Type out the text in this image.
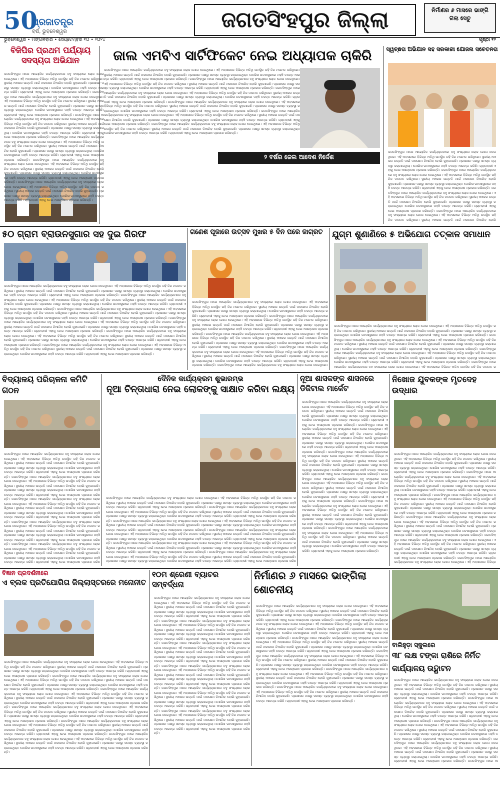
50
ପ୍ରଜାତନ୍ତ୍ର
ବର୍ଷ, ଭୁବନେଶ୍ୱର	ଜଗତସିଂହପୁର ଜିଲ୍ଲା	ନିର୍ମାଣର ୬ ମାସରେ ଭାଙ୍ଗି ଗଲା ସେତୁ
ଭୁବନେଶ୍ୱର • ମଙ୍ଗଳବାର • ସେପ୍ଟେମ୍ବର ୧୦ • ୨୦୨୪	ପୃଷ୍ଠା ୧୨
ବିଜିପିର ପ୍ରଥମ ପର୍ଯ୍ୟାୟ ସଦସ୍ୟତା ଅଭିଯାନ
ଜଗତସିଂହପୁର ଠାରେ ଆୟୋଜିତ କାର୍ଯ୍ୟକ୍ରମରେ ବହୁ ସଂଖ୍ୟାରେ ଲୋକ ଯୋଗ ଦେଇଥିଲେ। ଏହି ଅବସରରେ ବିଭିନ୍ନ ଅତିଥି ଉପସ୍ଥିତ ରହି ନିଜ ମତାମତ ରଖିଥିଲେ। ସ୍ଥାନୀୟ ଅଞ୍ଚଳର ଉନ୍ନତି ପାଇଁ ପଦକ୍ଷେପ ନିଆଯିବ ବୋଲି କୁହାଯାଇଛି। ପ୍ରଶାସନ ପକ୍ଷରୁ ସମସ୍ତ ବ୍ୟବସ୍ଥା କରାଯାଇଥିଲା। ପୋଲିସ ଘଟଣାସ୍ଥଳରେ ପହଞ୍ଚି ତଦନ୍ତ ଆରମ୍ଭ କରିଛି। ଗ୍ରାମବାସୀ ଏହାକୁ ନେଇ ଅସନ୍ତୋଷ ପ୍ରକାଶ କରିଛନ୍ତି। ଜଗତସିଂହପୁର ଠାରେ ଆୟୋଜିତ କାର୍ଯ୍ୟକ୍ରମରେ ବହୁ ସଂଖ୍ୟାରେ ଲୋକ ଯୋଗ ଦେଇଥିଲେ। ଏହି ଅବସରରେ ବିଭିନ୍ନ ଅତିଥି ଉପସ୍ଥିତ ରହି ନିଜ ମତାମତ ରଖିଥିଲେ। ସ୍ଥାନୀୟ ଅଞ୍ଚଳର ଉନ୍ନତି ପାଇଁ ପଦକ୍ଷେପ ନିଆଯିବ ବୋଲି କୁହାଯାଇଛି। ପ୍ରଶାସନ ପକ୍ଷରୁ ସମସ୍ତ ବ୍ୟବସ୍ଥା କରାଯାଇଥିଲା। ପୋଲିସ ଘଟଣାସ୍ଥଳରେ ପହଞ୍ଚି ତଦନ୍ତ ଆରମ୍ଭ କରିଛି। ଗ୍ରାମବାସୀ ଏହାକୁ ନେଇ ଅସନ୍ତୋଷ ପ୍ରକାଶ କରିଛନ୍ତି। ଜଗତସିଂହପୁର ଠାରେ ଆୟୋଜିତ କାର୍ଯ୍ୟକ୍ରମରେ ବହୁ ସଂଖ୍ୟାରେ ଲୋକ ଯୋଗ ଦେଇଥିଲେ। ଏହି ଅବସରରେ ବିଭିନ୍ନ ଅତିଥି ଉପସ୍ଥିତ ରହି ନିଜ ମତାମତ ରଖିଥିଲେ। ସ୍ଥାନୀୟ ଅଞ୍ଚଳର ଉନ୍ନତି ପାଇଁ ପଦକ୍ଷେପ ନିଆଯିବ ବୋଲି କୁହାଯାଇଛି। ପ୍ରଶାସନ ପକ୍ଷରୁ ସମସ୍ତ ବ୍ୟବସ୍ଥା କରାଯାଇଥିଲା। ପୋଲିସ ଘଟଣାସ୍ଥଳରେ ପହଞ୍ଚି ତଦନ୍ତ ଆରମ୍ଭ କରିଛି। ଗ୍ରାମବାସୀ ଏହାକୁ ନେଇ ଅସନ୍ତୋଷ ପ୍ରକାଶ କରିଛନ୍ତି। ଜଗତସିଂହପୁର ଠାରେ ଆୟୋଜିତ କାର୍ଯ୍ୟକ୍ରମରେ ବହୁ ସଂଖ୍ୟାରେ ଲୋକ ଯୋଗ ଦେଇଥିଲେ। ଏହି ଅବସରରେ ବିଭିନ୍ନ ଅତିଥି ଉପସ୍ଥିତ ରହି ନିଜ ମତାମତ ରଖିଥିଲେ। ସ୍ଥାନୀୟ ଅଞ୍ଚଳର ଉନ୍ନତି ପାଇଁ ପଦକ୍ଷେପ ନିଆଯିବ ବୋଲି କୁହାଯାଇଛି। ପ୍ରଶାସନ ପକ୍ଷରୁ ସମସ୍ତ ବ୍ୟବସ୍ଥା କରାଯାଇଥିଲା। ପୋଲିସ ଘଟଣାସ୍ଥଳରେ ପହଞ୍ଚି ତଦନ୍ତ ଆରମ୍ଭ କରିଛି। ଗ୍ରାମବାସୀ ଏହାକୁ ନେଇ ଅସନ୍ତୋଷ ପ୍ରକାଶ କରିଛନ୍ତି। ଜଗତସିଂହପୁର ଠାରେ ଆୟୋଜିତ କାର୍ଯ୍ୟକ୍ରମରେ ବହୁ ସଂଖ୍ୟାରେ ଲୋକ ଯୋଗ ଦେଇଥିଲେ। ଏହି ଅବସରରେ ବିଭିନ୍ନ ଅତିଥି ଉପସ୍ଥିତ ରହି ନିଜ ମତାମତ ରଖିଥିଲେ। ସ୍ଥାନୀୟ ଅଞ୍ଚଳର ଉନ୍ନତି ପାଇଁ ପଦକ୍ଷେପ ନିଆଯିବ ବୋଲି କୁହାଯାଇଛି। ପ୍ରଶାସନ ପକ୍ଷରୁ ସମସ୍ତ ବ୍ୟବସ୍ଥା କରାଯାଇଥିଲା। ପୋଲିସ ଘଟଣାସ୍ଥଳରେ ପହଞ୍ଚି ତଦନ୍ତ ଆରମ୍ଭ କରିଛି। ଗ୍ରାମବାସୀ ଏହାକୁ ନେଇ ଅସନ୍ତୋଷ ପ୍ରକାଶ କରିଛନ୍ତି। ଜଗତସିଂହପୁର ଠାରେ ଆୟୋଜିତ କାର୍ଯ୍ୟକ୍ରମରେ ବହୁ ସଂଖ୍ୟାରେ ଲୋକ ଯୋଗ ଦେଇଥିଲେ। ଏହି ଅବସରରେ ବିଭିନ୍ନ ଅତିଥି ଉପସ୍ଥିତ ରହି ନିଜ ମତାମତ ରଖିଥିଲେ। ସ୍ଥାନୀୟ ଅଞ୍ଚଳର ଉନ୍ନତି ପାଇଁ ପଦକ୍ଷେପ ନିଆଯିବ ବୋଲି କୁହାଯାଇଛି। ପ୍ରଶାସନ ପକ୍ଷରୁ ସମସ୍ତ ବ୍ୟବସ୍ଥା କରାଯାଇଥିଲା। ପୋଲିସ ଘଟଣାସ୍ଥଳରେ ପହଞ୍ଚି ତଦନ୍ତ ଆରମ୍ଭ କରିଛି। ଗ୍ରାମବାସୀ ଏହାକୁ ନେଇ ଅସନ୍ତୋଷ ପ୍ରକାଶ କରିଛନ୍ତି।
ଜାଲ ଏମବିଏ ସାର୍ଟିଫିକେଟ ନେଇ ଅଧ୍ୟାପକ ଚାକିରି
୨ ବର୍ଷର ଜେଲ ଆଦେଶ ନିର୍ଦ୍ଦେଶ
ଜଗତସିଂହପୁର ଠାରେ ଆୟୋଜିତ କାର୍ଯ୍ୟକ୍ରମରେ ବହୁ ସଂଖ୍ୟାରେ ଲୋକ ଯୋଗ ଦେଇଥିଲେ। ଏହି ଅବସରରେ ବିଭିନ୍ନ ଅତିଥି ଉପସ୍ଥିତ ରହି ନିଜ ମତାମତ ରଖିଥିଲେ। ସ୍ଥାନୀୟ ଅଞ୍ଚଳର ଉନ୍ନତି ପାଇଁ ପଦକ୍ଷେପ ନିଆଯିବ ବୋଲି କୁହାଯାଇଛି। ପ୍ରଶାସନ ପକ୍ଷରୁ ସମସ୍ତ ବ୍ୟବସ୍ଥା କରାଯାଇଥିଲା। ପୋଲିସ ଘଟଣାସ୍ଥଳରେ ପହଞ୍ଚି ତଦନ୍ତ ଆରମ୍ଭ କରିଛି। ଗ୍ରାମବାସୀ ଏହାକୁ ନେଇ ଅସନ୍ତୋଷ ପ୍ରକାଶ କରିଛନ୍ତି। ଜଗତସିଂହପୁର ଠାରେ ଆୟୋଜିତ କାର୍ଯ୍ୟକ୍ରମରେ ବହୁ ସଂଖ୍ୟାରେ ଲୋକ ଯୋଗ ଦେଇଥିଲେ। ଏହି ଅବସରରେ ବିଭିନ୍ନ ଅତିଥି ଉପସ୍ଥିତ ରହି ନିଜ ମତାମତ ରଖିଥିଲେ। ସ୍ଥାନୀୟ ଅଞ୍ଚଳର ଉନ୍ନତି ପାଇଁ ପଦକ୍ଷେପ ନିଆଯିବ ବୋଲି କୁହାଯାଇଛି। ପ୍ରଶାସନ ପକ୍ଷରୁ ସମସ୍ତ ବ୍ୟବସ୍ଥା କରାଯାଇଥିଲା। ପୋଲିସ ଘଟଣାସ୍ଥଳରେ ପହଞ୍ଚି ତଦନ୍ତ ଆରମ୍ଭ କରିଛି। ଗ୍ରାମବାସୀ ଏହାକୁ ନେଇ ଅସନ୍ତୋଷ ପ୍ରକାଶ କରିଛନ୍ତି। ଜଗତସିଂହପୁର ଠାରେ ଆୟୋଜିତ କାର୍ଯ୍ୟକ୍ରମରେ ବହୁ ସଂଖ୍ୟାରେ ଲୋକ ଯୋଗ ଦେଇଥିଲେ। ଏହି ଅବସରରେ ବିଭିନ୍ନ ଅତିଥି ଉପସ୍ଥିତ ରହି ନିଜ ମତାମତ ରଖିଥିଲେ। ସ୍ଥାନୀୟ ଅଞ୍ଚଳର ଉନ୍ନତି ପାଇଁ ପଦକ୍ଷେପ ନିଆଯିବ ବୋଲି କୁହାଯାଇଛି। ପ୍ରଶାସନ ପକ୍ଷରୁ ସମସ୍ତ ବ୍ୟବସ୍ଥା କରାଯାଇଥିଲା। ପୋଲିସ ଘଟଣାସ୍ଥଳରେ ପହଞ୍ଚି ତଦନ୍ତ ଆରମ୍ଭ କରିଛି। ଗ୍ରାମବାସୀ ଏହାକୁ ନେଇ ଅସନ୍ତୋଷ ପ୍ରକାଶ କରିଛନ୍ତି। ଜଗତସିଂହପୁର ଠାରେ ଆୟୋଜିତ କାର୍ଯ୍ୟକ୍ରମରେ ବହୁ ସଂଖ୍ୟାରେ ଲୋକ ଯୋଗ ଦେଇଥିଲେ। ଏହି ଅବସରରେ ବିଭିନ୍ନ ଅତିଥି ଉପସ୍ଥିତ ରହି ନିଜ ମତାମତ ରଖିଥିଲେ। ସ୍ଥାନୀୟ ଅଞ୍ଚଳର ଉନ୍ନତି ପାଇଁ ପଦକ୍ଷେପ ନିଆଯିବ ବୋଲି କୁହାଯାଇଛି। ପ୍ରଶାସନ ପକ୍ଷରୁ ସମସ୍ତ ବ୍ୟବସ୍ଥା କରାଯାଇଥିଲା। ପୋଲିସ ଘଟଣାସ୍ଥଳରେ ପହଞ୍ଚି ତଦନ୍ତ ଆରମ୍ଭ କରିଛି। ଗ୍ରାମବାସୀ ଏହାକୁ ନେଇ ଅସନ୍ତୋଷ ପ୍ରକାଶ କରିଛନ୍ତି। ଜଗତସିଂହପୁର ଠାରେ ଆୟୋଜିତ କାର୍ଯ୍ୟକ୍ରମରେ ବହୁ ସଂଖ୍ୟାରେ ଲୋକ ଯୋଗ ଦେଇଥିଲେ। ଏହି ଅବସରରେ ବିଭିନ୍ନ ଅତିଥି ଉପସ୍ଥିତ ରହି ନିଜ ମତାମତ ରଖିଥିଲେ। ସ୍ଥାନୀୟ ଅଞ୍ଚଳର ଉନ୍ନତି ପାଇଁ ପଦକ୍ଷେପ ନିଆଯିବ ବୋଲି କୁହାଯାଇଛି। ପ୍ରଶାସନ ପକ୍ଷରୁ ସମସ୍ତ ବ୍ୟବସ୍ଥା କରାଯାଇଥିଲା। ପୋଲିସ ଘଟଣାସ୍ଥଳରେ ପହଞ୍ଚି ତଦନ୍ତ ଆରମ୍ଭ କରିଛି। ଗ୍ରାମବାସୀ ଏହାକୁ ନେଇ ଅସନ୍ତୋଷ ପ୍ରକାଶ କରିଛନ୍ତି। ଜଗତସିଂହପୁର ଠାରେ ଆୟୋଜିତ କାର୍ଯ୍ୟକ୍ରମରେ ବହୁ ସଂଖ୍ୟାରେ ଲୋକ ଯୋଗ ଦେଇଥିଲେ। ଏହି ଅବସରରେ ବିଭିନ୍ନ ଅତିଥି ଉପସ୍ଥିତ ରହି ନିଜ ମତାମତ ରଖିଥିଲେ। ସ୍ଥାନୀୟ ଅଞ୍ଚଳର ଉନ୍ନତି ପାଇଁ ପଦକ୍ଷେପ ନିଆଯିବ ବୋଲି କୁହାଯାଇଛି। ପ୍ରଶାସନ ପକ୍ଷରୁ ସମସ୍ତ ବ୍ୟବସ୍ଥା କରାଯାଇଥିଲା। ପୋଲିସ ଘଟଣାସ୍ଥଳରେ ପହଞ୍ଚି ତଦନ୍ତ ଆରମ୍ଭ କରିଛି। ଗ୍ରାମବାସୀ ଏହାକୁ ନେଇ ଅସନ୍ତୋଷ ପ୍ରକାଶ କରିଛନ୍ତି।
ସ୍ୱଚ୍ଛତା ଅଭିଯାନ ସହ ସରକାରୀ ଯୋଜନା ସଚେତନତା
ଜଗତସିଂହପୁର ଠାରେ ଆୟୋଜିତ କାର୍ଯ୍ୟକ୍ରମରେ ବହୁ ସଂଖ୍ୟାରେ ଲୋକ ଯୋଗ ଦେଇଥିଲେ। ଏହି ଅବସରରେ ବିଭିନ୍ନ ଅତିଥି ଉପସ୍ଥିତ ରହି ନିଜ ମତାମତ ରଖିଥିଲେ। ସ୍ଥାନୀୟ ଅଞ୍ଚଳର ଉନ୍ନତି ପାଇଁ ପଦକ୍ଷେପ ନିଆଯିବ ବୋଲି କୁହାଯାଇଛି। ପ୍ରଶାସନ ପକ୍ଷରୁ ସମସ୍ତ ବ୍ୟବସ୍ଥା କରାଯାଇଥିଲା। ପୋଲିସ ଘଟଣାସ୍ଥଳରେ ପହଞ୍ଚି ତଦନ୍ତ ଆରମ୍ଭ କରିଛି। ଗ୍ରାମବାସୀ ଏହାକୁ ନେଇ ଅସନ୍ତୋଷ ପ୍ରକାଶ କରିଛନ୍ତି। ଜଗତସିଂହପୁର ଠାରେ ଆୟୋଜିତ କାର୍ଯ୍ୟକ୍ରମରେ ବହୁ ସଂଖ୍ୟାରେ ଲୋକ ଯୋଗ ଦେଇଥିଲେ। ଏହି ଅବସରରେ ବିଭିନ୍ନ ଅତିଥି ଉପସ୍ଥିତ ରହି ନିଜ ମତାମତ ରଖିଥିଲେ। ସ୍ଥାନୀୟ ଅଞ୍ଚଳର ଉନ୍ନତି ପାଇଁ ପଦକ୍ଷେପ ନିଆଯିବ ବୋଲି କୁହାଯାଇଛି। ପ୍ରଶାସନ ପକ୍ଷରୁ ସମସ୍ତ ବ୍ୟବସ୍ଥା କରାଯାଇଥିଲା। ପୋଲିସ ଘଟଣାସ୍ଥଳରେ ପହଞ୍ଚି ତଦନ୍ତ ଆରମ୍ଭ କରିଛି। ଗ୍ରାମବାସୀ ଏହାକୁ ନେଇ ଅସନ୍ତୋଷ ପ୍ରକାଶ କରିଛନ୍ତି। ଜଗତସିଂହପୁର ଠାରେ ଆୟୋଜିତ କାର୍ଯ୍ୟକ୍ରମରେ ବହୁ ସଂଖ୍ୟାରେ ଲୋକ ଯୋଗ ଦେଇଥିଲେ। ଏହି ଅବସରରେ ବିଭିନ୍ନ ଅତିଥି ଉପସ୍ଥିତ ରହି ନିଜ ମତାମତ ରଖିଥିଲେ। ସ୍ଥାନୀୟ ଅଞ୍ଚଳର ଉନ୍ନତି ପାଇଁ ପଦକ୍ଷେପ ନିଆଯିବ ବୋଲି କୁହାଯାଇଛି। ପ୍ରଶାସନ ପକ୍ଷରୁ ସମସ୍ତ ବ୍ୟବସ୍ଥା କରାଯାଇଥିଲା। ପୋଲିସ ଘଟଣାସ୍ଥଳରେ ପହଞ୍ଚି ତଦନ୍ତ ଆରମ୍ଭ କରିଛି। ଗ୍ରାମବାସୀ ଏହାକୁ ନେଇ ଅସନ୍ତୋଷ ପ୍ରକାଶ କରିଛନ୍ତି। ଜଗତସିଂହପୁର ଠାରେ ଆୟୋଜିତ କାର୍ଯ୍ୟକ୍ରମରେ ବହୁ ସଂଖ୍ୟାରେ ଲୋକ ଯୋଗ ଦେଇଥିଲେ। ଏହି ଅବସରରେ ବିଭିନ୍ନ ଅତିଥି ଉପସ୍ଥିତ ରହି ନିଜ ମତାମତ ରଖିଥିଲେ। ସ୍ଥାନୀୟ ଅଞ୍ଚଳର ଉନ୍ନତି ପାଇଁ ପଦକ୍ଷେପ ନିଆଯିବ ବୋଲି
୫୦ ଗ୍ରାମ ବ୍ରାଉନସୁଗାର ସହ ଦୁଇ ଗିରଫ
ଜଗତସିଂହପୁର ଠାରେ ଆୟୋଜିତ କାର୍ଯ୍ୟକ୍ରମରେ ବହୁ ସଂଖ୍ୟାରେ ଲୋକ ଯୋଗ ଦେଇଥିଲେ। ଏହି ଅବସରରେ ବିଭିନ୍ନ ଅତିଥି ଉପସ୍ଥିତ ରହି ନିଜ ମତାମତ ରଖିଥିଲେ। ସ୍ଥାନୀୟ ଅଞ୍ଚଳର ଉନ୍ନତି ପାଇଁ ପଦକ୍ଷେପ ନିଆଯିବ ବୋଲି କୁହାଯାଇଛି। ପ୍ରଶାସନ ପକ୍ଷରୁ ସମସ୍ତ ବ୍ୟବସ୍ଥା କରାଯାଇଥିଲା। ପୋଲିସ ଘଟଣାସ୍ଥଳରେ ପହଞ୍ଚି ତଦନ୍ତ ଆରମ୍ଭ କରିଛି। ଗ୍ରାମବାସୀ ଏହାକୁ ନେଇ ଅସନ୍ତୋଷ ପ୍ରକାଶ କରିଛନ୍ତି। ଜଗତସିଂହପୁର ଠାରେ ଆୟୋଜିତ କାର୍ଯ୍ୟକ୍ରମରେ ବହୁ ସଂଖ୍ୟାରେ ଲୋକ ଯୋଗ ଦେଇଥିଲେ। ଏହି ଅବସରରେ ବିଭିନ୍ନ ଅତିଥି ଉପସ୍ଥିତ ରହି ନିଜ ମତାମତ ରଖିଥିଲେ। ସ୍ଥାନୀୟ ଅଞ୍ଚଳର ଉନ୍ନତି ପାଇଁ ପଦକ୍ଷେପ ନିଆଯିବ ବୋଲି କୁହାଯାଇଛି। ପ୍ରଶାସନ ପକ୍ଷରୁ ସମସ୍ତ ବ୍ୟବସ୍ଥା କରାଯାଇଥିଲା। ପୋଲିସ ଘଟଣାସ୍ଥଳରେ ପହଞ୍ଚି ତଦନ୍ତ ଆରମ୍ଭ କରିଛି। ଗ୍ରାମବାସୀ ଏହାକୁ ନେଇ ଅସନ୍ତୋଷ ପ୍ରକାଶ କରିଛନ୍ତି। ଜଗତସିଂହପୁର ଠାରେ ଆୟୋଜିତ କାର୍ଯ୍ୟକ୍ରମରେ ବହୁ ସଂଖ୍ୟାରେ ଲୋକ ଯୋଗ ଦେଇଥିଲେ। ଏହି ଅବସରରେ ବିଭିନ୍ନ ଅତିଥି ଉପସ୍ଥିତ ରହି ନିଜ ମତାମତ ରଖିଥିଲେ। ସ୍ଥାନୀୟ ଅଞ୍ଚଳର ଉନ୍ନତି ପାଇଁ ପଦକ୍ଷେପ ନିଆଯିବ ବୋଲି କୁହାଯାଇଛି। ପ୍ରଶାସନ ପକ୍ଷରୁ ସମସ୍ତ ବ୍ୟବସ୍ଥା କରାଯାଇଥିଲା। ପୋଲିସ ଘଟଣାସ୍ଥଳରେ ପହଞ୍ଚି ତଦନ୍ତ ଆରମ୍ଭ କରିଛି। ଗ୍ରାମବାସୀ ଏହାକୁ ନେଇ ଅସନ୍ତୋଷ ପ୍ରକାଶ କରିଛନ୍ତି। ଜଗତସିଂହପୁର ଠାରେ ଆୟୋଜିତ କାର୍ଯ୍ୟକ୍ରମରେ ବହୁ ସଂଖ୍ୟାରେ ଲୋକ ଯୋଗ ଦେଇଥିଲେ। ଏହି ଅବସରରେ ବିଭିନ୍ନ ଅତିଥି ଉପସ୍ଥିତ ରହି ନିଜ ମତାମତ ରଖିଥିଲେ। ସ୍ଥାନୀୟ ଅଞ୍ଚଳର ଉନ୍ନତି ପାଇଁ ପଦକ୍ଷେପ ନିଆଯିବ ବୋଲି କୁହାଯାଇଛି। ପ୍ରଶାସନ ପକ୍ଷରୁ ସମସ୍ତ ବ୍ୟବସ୍ଥା କରାଯାଇଥିଲା। ପୋଲିସ ଘଟଣାସ୍ଥଳରେ ପହଞ୍ଚି ତଦନ୍ତ ଆରମ୍ଭ କରିଛି। ଗ୍ରାମବାସୀ ଏହାକୁ ନେଇ ଅସନ୍ତୋଷ ପ୍ରକାଶ କରିଛନ୍ତି। ଜଗତସିଂହପୁର ଠାରେ ଆୟୋଜିତ କାର୍ଯ୍ୟକ୍ରମରେ ବହୁ ସଂଖ୍ୟାରେ ଲୋକ ଯୋଗ ଦେଇଥିଲେ। ଏହି ଅବସରରେ ବିଭିନ୍ନ ଅତିଥି ଉପସ୍ଥିତ ରହି ନିଜ ମତାମତ ରଖିଥିଲେ। ସ୍ଥାନୀୟ ଅଞ୍ଚଳର ଉନ୍ନତି ପାଇଁ ପଦକ୍ଷେପ ନିଆଯିବ ବୋଲି କୁହାଯାଇଛି। ପ୍ରଶାସନ ପକ୍ଷରୁ ସମସ୍ତ ବ୍ୟବସ୍ଥା କରାଯାଇଥିଲା। ପୋଲିସ ଘଟଣାସ୍ଥଳରେ ପହଞ୍ଚି ତଦନ୍ତ ଆରମ୍ଭ କରିଛି। ଗ୍ରାମବାସୀ ଏହାକୁ ନେଇ ଅସନ୍ତୋଷ ପ୍ରକାଶ କରିଛନ୍ତି। ଜଗତସିଂହପୁର ଠାରେ ଆୟୋଜିତ କାର୍ଯ୍ୟକ୍ରମରେ ବହୁ ସଂଖ୍ୟାରେ ଲୋକ ଯୋଗ ଦେଇଥିଲେ। ଏହି ଅବସରରେ ବିଭିନ୍ନ ଅତିଥି ଉପସ୍ଥିତ ରହି ନିଜ ମତାମତ ରଖିଥିଲେ। ସ୍ଥାନୀୟ ଅଞ୍ଚଳର ଉନ୍ନତି ପାଇଁ ପଦକ୍ଷେପ ନିଆଯିବ ବୋଲି କୁହାଯାଇଛି। ପ୍ରଶାସନ ପକ୍ଷରୁ ସମସ୍ତ ବ୍ୟବସ୍ଥା କରାଯାଇଥିଲା। ପୋଲିସ ଘଟଣାସ୍ଥଳରେ ପହଞ୍ଚି ତଦନ୍ତ ଆରମ୍ଭ କରିଛି। ଗ୍ରାମବାସୀ ଏହାକୁ ନେଇ ଅସନ୍ତୋଷ ପ୍ରକାଶ କରିଛନ୍ତି।
ଗଣେଶ ପୂଜାରେ ଉତ୍ସବ ମୁଖର ୫ ଦିନ ପରେ ଜାଗ୍ରତ
ଜଗତସିଂହପୁର ଠାରେ ଆୟୋଜିତ କାର୍ଯ୍ୟକ୍ରମରେ ବହୁ ସଂଖ୍ୟାରେ ଲୋକ ଯୋଗ ଦେଇଥିଲେ। ଏହି ଅବସରରେ ବିଭିନ୍ନ ଅତିଥି ଉପସ୍ଥିତ ରହି ନିଜ ମତାମତ ରଖିଥିଲେ। ସ୍ଥାନୀୟ ଅଞ୍ଚଳର ଉନ୍ନତି ପାଇଁ ପଦକ୍ଷେପ ନିଆଯିବ ବୋଲି କୁହାଯାଇଛି। ପ୍ରଶାସନ ପକ୍ଷରୁ ସମସ୍ତ ବ୍ୟବସ୍ଥା କରାଯାଇଥିଲା। ପୋଲିସ ଘଟଣାସ୍ଥଳରେ ପହଞ୍ଚି ତଦନ୍ତ ଆରମ୍ଭ କରିଛି। ଗ୍ରାମବାସୀ ଏହାକୁ ନେଇ ଅସନ୍ତୋଷ ପ୍ରକାଶ କରିଛନ୍ତି। ଜଗତସିଂହପୁର ଠାରେ ଆୟୋଜିତ କାର୍ଯ୍ୟକ୍ରମରେ ବହୁ ସଂଖ୍ୟାରେ ଲୋକ ଯୋଗ ଦେଇଥିଲେ। ଏହି ଅବସରରେ ବିଭିନ୍ନ ଅତିଥି ଉପସ୍ଥିତ ରହି ନିଜ ମତାମତ ରଖିଥିଲେ। ସ୍ଥାନୀୟ ଅଞ୍ଚଳର ଉନ୍ନତି ପାଇଁ ପଦକ୍ଷେପ ନିଆଯିବ ବୋଲି କୁହାଯାଇଛି। ପ୍ରଶାସନ ପକ୍ଷରୁ ସମସ୍ତ ବ୍ୟବସ୍ଥା କରାଯାଇଥିଲା। ପୋଲିସ ଘଟଣାସ୍ଥଳରେ ପହଞ୍ଚି ତଦନ୍ତ ଆରମ୍ଭ କରିଛି। ଗ୍ରାମବାସୀ ଏହାକୁ ନେଇ ଅସନ୍ତୋଷ ପ୍ରକାଶ କରିଛନ୍ତି। ଜଗତସିଂହପୁର ଠାରେ ଆୟୋଜିତ କାର୍ଯ୍ୟକ୍ରମରେ ବହୁ ସଂଖ୍ୟାରେ ଲୋକ ଯୋଗ ଦେଇଥିଲେ। ଏହି ଅବସରରେ ବିଭିନ୍ନ ଅତିଥି ଉପସ୍ଥିତ ରହି ନିଜ ମତାମତ ରଖିଥିଲେ। ସ୍ଥାନୀୟ ଅଞ୍ଚଳର ଉନ୍ନତି ପାଇଁ ପଦକ୍ଷେପ ନିଆଯିବ ବୋଲି କୁହାଯାଇଛି। ପ୍ରଶାସନ ପକ୍ଷରୁ ସମସ୍ତ ବ୍ୟବସ୍ଥା କରାଯାଇଥିଲା। ପୋଲିସ ଘଟଣାସ୍ଥଳରେ ପହଞ୍ଚି ତଦନ୍ତ ଆରମ୍ଭ କରିଛି। ଗ୍ରାମବାସୀ ଏହାକୁ ନେଇ ଅସନ୍ତୋଷ ପ୍ରକାଶ କରିଛନ୍ତି। ଜଗତସିଂହପୁର ଠାରେ ଆୟୋଜିତ କାର୍ଯ୍ୟକ୍ରମରେ ବହୁ ସଂଖ୍ୟାରେ ଲୋକ ଯୋଗ ଦେଇଥିଲେ। ଏହି ଅବସରରେ ବିଭିନ୍ନ ଅତିଥି ଉପସ୍ଥିତ ରହି ନିଜ ମତାମତ ରଖିଥିଲେ। ସ୍ଥାନୀୟ ଅଞ୍ଚଳର ଉନ୍ନତି ପାଇଁ ପଦକ୍ଷେପ ନିଆଯିବ ବୋଲି କୁହାଯାଇଛି। ପ୍ରଶାସନ ପକ୍ଷରୁ ସମସ୍ତ ବ୍ୟବସ୍ଥା କରାଯାଇଥିଲା। ପୋଲିସ ଘଟଣାସ୍ଥଳରେ ପହଞ୍ଚି ତଦନ୍ତ ଆରମ୍ଭ କରିଛି। ଗ୍ରାମବାସୀ ଏହାକୁ ନେଇ ଅସନ୍ତୋଷ ପ୍ରକାଶ କରିଛନ୍ତି। ଜଗତସିଂହପୁର ଠାରେ ଆୟୋଜିତ କାର୍ଯ୍ୟକ୍ରମରେ ବହୁ ସଂଖ୍ୟାରେ ଲୋକ ଯୋଗ ଦେଇଥିଲେ।
ଯୁଗ୍ମ ଶୁଣାଣିରେ ୫ ଅଭିଯୋଗ ତତ୍କାଳ ସମାଧାନ
ଜଗତସିଂହପୁର ଠାରେ ଆୟୋଜିତ କାର୍ଯ୍ୟକ୍ରମରେ ବହୁ ସଂଖ୍ୟାରେ ଲୋକ ଯୋଗ ଦେଇଥିଲେ। ଏହି ଅବସରରେ ବିଭିନ୍ନ ଅତିଥି ଉପସ୍ଥିତ ରହି ନିଜ ମତାମତ ରଖିଥିଲେ। ସ୍ଥାନୀୟ ଅଞ୍ଚଳର ଉନ୍ନତି ପାଇଁ ପଦକ୍ଷେପ ନିଆଯିବ ବୋଲି କୁହାଯାଇଛି। ପ୍ରଶାସନ ପକ୍ଷରୁ ସମସ୍ତ ବ୍ୟବସ୍ଥା କରାଯାଇଥିଲା। ପୋଲିସ ଘଟଣାସ୍ଥଳରେ ପହଞ୍ଚି ତଦନ୍ତ ଆରମ୍ଭ କରିଛି। ଗ୍ରାମବାସୀ ଏହାକୁ ନେଇ ଅସନ୍ତୋଷ ପ୍ରକାଶ କରିଛନ୍ତି। ଜଗତସିଂହପୁର ଠାରେ ଆୟୋଜିତ କାର୍ଯ୍ୟକ୍ରମରେ ବହୁ ସଂଖ୍ୟାରେ ଲୋକ ଯୋଗ ଦେଇଥିଲେ। ଏହି ଅବସରରେ ବିଭିନ୍ନ ଅତିଥି ଉପସ୍ଥିତ ରହି ନିଜ ମତାମତ ରଖିଥିଲେ। ସ୍ଥାନୀୟ ଅଞ୍ଚଳର ଉନ୍ନତି ପାଇଁ ପଦକ୍ଷେପ ନିଆଯିବ ବୋଲି କୁହାଯାଇଛି। ପ୍ରଶାସନ ପକ୍ଷରୁ ସମସ୍ତ ବ୍ୟବସ୍ଥା କରାଯାଇଥିଲା। ପୋଲିସ ଘଟଣାସ୍ଥଳରେ ପହଞ୍ଚି ତଦନ୍ତ ଆରମ୍ଭ କରିଛି। ଗ୍ରାମବାସୀ ଏହାକୁ ନେଇ ଅସନ୍ତୋଷ ପ୍ରକାଶ କରିଛନ୍ତି। ଜଗତସିଂହପୁର ଠାରେ ଆୟୋଜିତ କାର୍ଯ୍ୟକ୍ରମରେ ବହୁ ସଂଖ୍ୟାରେ ଲୋକ ଯୋଗ ଦେଇଥିଲେ। ଏହି ଅବସରରେ ବିଭିନ୍ନ ଅତିଥି ଉପସ୍ଥିତ ରହି ନିଜ ମତାମତ ରଖିଥିଲେ। ସ୍ଥାନୀୟ ଅଞ୍ଚଳର ଉନ୍ନତି ପାଇଁ ପଦକ୍ଷେପ ନିଆଯିବ ବୋଲି କୁହାଯାଇଛି। ପ୍ରଶାସନ ପକ୍ଷରୁ ସମସ୍ତ ବ୍ୟବସ୍ଥା କରାଯାଇଥିଲା। ପୋଲିସ ଘଟଣାସ୍ଥଳରେ ପହଞ୍ଚି ତଦନ୍ତ ଆରମ୍ଭ କରିଛି। ଗ୍ରାମବାସୀ ଏହାକୁ ନେଇ ଅସନ୍ତୋଷ ପ୍ରକାଶ କରିଛନ୍ତି। ଜଗତସିଂହପୁର ଠାରେ ଆୟୋଜିତ କାର୍ଯ୍ୟକ୍ରମରେ ବହୁ ସଂଖ୍ୟାରେ ଲୋକ ଯୋଗ ଦେଇଥିଲେ। ଏହି ଅବସରରେ ବିଭିନ୍ନ ଅତିଥି ଉପସ୍ଥିତ ରହି ନିଜ ମତାମତ ର
ବିଦ୍ୟାଳୟ ପରିଚାଳନା କମିଟି ଗଠନ
ଜଗତସିଂହପୁର ଠାରେ ଆୟୋଜିତ କାର୍ଯ୍ୟକ୍ରମରେ ବହୁ ସଂଖ୍ୟାରେ ଲୋକ ଯୋଗ ଦେଇଥିଲେ। ଏହି ଅବସରରେ ବିଭିନ୍ନ ଅତିଥି ଉପସ୍ଥିତ ରହି ନିଜ ମତାମତ ରଖିଥିଲେ। ସ୍ଥାନୀୟ ଅଞ୍ଚଳର ଉନ୍ନତି ପାଇଁ ପଦକ୍ଷେପ ନିଆଯିବ ବୋଲି କୁହାଯାଇଛି। ପ୍ରଶାସନ ପକ୍ଷରୁ ସମସ୍ତ ବ୍ୟବସ୍ଥା କରାଯାଇଥିଲା। ପୋଲିସ ଘଟଣାସ୍ଥଳରେ ପହଞ୍ଚି ତଦନ୍ତ ଆରମ୍ଭ କରିଛି। ଗ୍ରାମବାସୀ ଏହାକୁ ନେଇ ଅସନ୍ତୋଷ ପ୍ରକାଶ କରିଛନ୍ତି। ଜଗତସିଂହପୁର ଠାରେ ଆୟୋଜିତ କାର୍ଯ୍ୟକ୍ରମରେ ବହୁ ସଂଖ୍ୟାରେ ଲୋକ ଯୋଗ ଦେଇଥିଲେ। ଏହି ଅବସରରେ ବିଭିନ୍ନ ଅତିଥି ଉପସ୍ଥିତ ରହି ନିଜ ମତାମତ ରଖିଥିଲେ। ସ୍ଥାନୀୟ ଅଞ୍ଚଳର ଉନ୍ନତି ପାଇଁ ପଦକ୍ଷେପ ନିଆଯିବ ବୋଲି କୁହାଯାଇଛି। ପ୍ରଶାସନ ପକ୍ଷରୁ ସମସ୍ତ ବ୍ୟବସ୍ଥା କରାଯାଇଥିଲା। ପୋଲିସ ଘଟଣାସ୍ଥଳରେ ପହଞ୍ଚି ତଦନ୍ତ ଆରମ୍ଭ କରିଛି। ଗ୍ରାମବାସୀ ଏହାକୁ ନେଇ ଅସନ୍ତୋଷ ପ୍ରକାଶ କରିଛନ୍ତି। ଜଗତସିଂହପୁର ଠାରେ ଆୟୋଜିତ କାର୍ଯ୍ୟକ୍ରମରେ ବହୁ ସଂଖ୍ୟାରେ ଲୋକ ଯୋଗ ଦେଇଥିଲେ। ଏହି ଅବସରରେ ବିଭିନ୍ନ ଅତିଥି ଉପସ୍ଥିତ ରହି ନିଜ ମତାମତ ରଖିଥିଲେ। ସ୍ଥାନୀୟ ଅଞ୍ଚଳର ଉନ୍ନତି ପାଇଁ ପଦକ୍ଷେପ ନିଆଯିବ ବୋଲି କୁହାଯାଇଛି। ପ୍ରଶାସନ ପକ୍ଷରୁ ସମସ୍ତ ବ୍ୟବସ୍ଥା କରାଯାଇଥିଲା। ପୋଲିସ ଘଟଣାସ୍ଥଳରେ ପହଞ୍ଚି ତଦନ୍ତ ଆରମ୍ଭ କରିଛି। ଗ୍ରାମବାସୀ ଏହାକୁ ନେଇ ଅସନ୍ତୋଷ ପ୍ରକାଶ କରିଛନ୍ତି। ଜଗତସିଂହପୁର ଠାରେ ଆୟୋଜିତ କାର୍ଯ୍ୟକ୍ରମରେ ବହୁ ସଂଖ୍ୟାରେ ଲୋକ ଯୋଗ ଦେଇଥିଲେ। ଏହି ଅବସରରେ ବିଭିନ୍ନ ଅତିଥି ଉପସ୍ଥିତ ରହି ନିଜ ମତାମତ ରଖିଥିଲେ। ସ୍ଥାନୀୟ ଅଞ୍ଚଳର ଉନ୍ନତି ପାଇଁ ପଦକ୍ଷେପ ନିଆଯିବ ବୋଲି କୁହାଯାଇଛି। ପ୍ରଶାସନ ପକ୍ଷରୁ ସମସ୍ତ ବ୍ୟବସ୍ଥା କରାଯାଇଥିଲା। ପୋଲିସ ଘଟଣାସ୍ଥଳରେ ପହଞ୍ଚି ତଦନ୍ତ ଆରମ୍ଭ କରିଛି। ଗ୍ରାମବାସୀ ଏହାକୁ ନେଇ ଅସନ୍ତୋଷ ପ୍ରକାଶ କରିଛନ୍ତି। ଜଗତସିଂହପୁର ଠାରେ ଆୟୋଜିତ କାର୍ଯ୍ୟକ୍ରମରେ ବହୁ ସଂଖ୍ୟାରେ ଲୋକ ଯୋଗ ଦେଇଥିଲେ। ଏହି ଅବସରରେ ବିଭିନ୍ନ ଅତିଥି ଉପସ୍ଥିତ ରହି ନିଜ ମତାମତ ରଖିଥିଲେ। ସ୍ଥାନୀୟ ଅଞ୍ଚଳର ଉନ୍ନତି ପାଇଁ ପଦକ୍ଷେପ ନିଆଯିବ ବୋଲି କୁହାଯାଇଛି। ପ୍ରଶାସନ ପକ୍ଷରୁ ସମସ୍ତ ବ୍ୟବସ୍ଥା କରାଯାଇଥିଲା। ପୋଲିସ ଘଟଣାସ୍ଥଳରେ ପହଞ୍ଚି ତଦନ୍ତ ଆରମ୍ଭ କରିଛି। ଗ୍ରାମବାସୀ ଏହାକୁ ନେଇ ଅସନ୍ତୋଷ ପ୍ରକାଶ କରିଛ
ଦୈନିକ କାର୍ଯ୍ୟକ୍ରମ ଶୁଭାରମ୍ଭ
ନୂଆ ଚିନ୍ତାଧାରା ନେଇ ଲୋକଙ୍କୁ ସାକ୍ଷାତ କରିବା ଲକ୍ଷ୍ୟ
ଜଗତସିଂହପୁର ଠାରେ ଆୟୋଜିତ କାର୍ଯ୍ୟକ୍ରମରେ ବହୁ ସଂଖ୍ୟାରେ ଲୋକ ଯୋଗ ଦେଇଥିଲେ। ଏହି ଅବସରରେ ବିଭିନ୍ନ ଅତିଥି ଉପସ୍ଥିତ ରହି ନିଜ ମତାମତ ରଖିଥିଲେ। ସ୍ଥାନୀୟ ଅଞ୍ଚଳର ଉନ୍ନତି ପାଇଁ ପଦକ୍ଷେପ ନିଆଯିବ ବୋଲି କୁହାଯାଇଛି। ପ୍ରଶାସନ ପକ୍ଷରୁ ସମସ୍ତ ବ୍ୟବସ୍ଥା କରାଯାଇଥିଲା। ପୋଲିସ ଘଟଣାସ୍ଥଳରେ ପହଞ୍ଚି ତଦନ୍ତ ଆରମ୍ଭ କରିଛି। ଗ୍ରାମବାସୀ ଏହାକୁ ନେଇ ଅସନ୍ତୋଷ ପ୍ରକାଶ କରିଛନ୍ତି। ଜଗତସିଂହପୁର ଠାରେ ଆୟୋଜିତ କାର୍ଯ୍ୟକ୍ରମରେ ବହୁ ସଂଖ୍ୟାରେ ଲୋକ ଯୋଗ ଦେଇଥିଲେ। ଏହି ଅବସରରେ ବିଭିନ୍ନ ଅତିଥି ଉପସ୍ଥିତ ରହି ନିଜ ମତାମତ ରଖିଥିଲେ। ସ୍ଥାନୀୟ ଅଞ୍ଚଳର ଉନ୍ନତି ପାଇଁ ପଦକ୍ଷେପ ନିଆଯିବ ବୋଲି କୁହାଯାଇଛି। ପ୍ରଶାସନ ପକ୍ଷରୁ ସମସ୍ତ ବ୍ୟବସ୍ଥା କରାଯାଇଥିଲା। ପୋଲିସ ଘଟଣାସ୍ଥଳରେ ପହଞ୍ଚି ତଦନ୍ତ ଆରମ୍ଭ କରିଛି। ଗ୍ରାମବାସୀ ଏହାକୁ ନେଇ ଅସନ୍ତୋଷ ପ୍ରକାଶ କରିଛନ୍ତି। ଜଗତସିଂହପୁର ଠାରେ ଆୟୋଜିତ କାର୍ଯ୍ୟକ୍ରମରେ ବହୁ ସଂଖ୍ୟାରେ ଲୋକ ଯୋଗ ଦେଇଥିଲେ। ଏହି ଅବସରରେ ବିଭିନ୍ନ ଅତିଥି ଉପସ୍ଥିତ ରହି ନିଜ ମତାମତ ରଖିଥିଲେ। ସ୍ଥାନୀୟ ଅଞ୍ଚଳର ଉନ୍ନତି ପାଇଁ ପଦକ୍ଷେପ ନିଆଯିବ ବୋଲି କୁହାଯାଇଛି। ପ୍ରଶାସନ ପକ୍ଷରୁ ସମସ୍ତ ବ୍ୟବସ୍ଥା କରାଯାଇଥିଲା। ପୋଲିସ ଘଟଣାସ୍ଥଳରେ ପହଞ୍ଚି ତଦନ୍ତ ଆରମ୍ଭ କରିଛି। ଗ୍ରାମବାସୀ ଏହାକୁ ନେଇ ଅସନ୍ତୋଷ ପ୍ରକାଶ କରିଛନ୍ତି। ଜଗତସିଂହପୁର ଠାରେ ଆୟୋଜିତ କାର୍ଯ୍ୟକ୍ରମରେ ବହୁ ସଂଖ୍ୟାରେ ଲୋକ ଯୋଗ ଦେଇଥିଲେ। ଏହି ଅବସରରେ ବିଭିନ୍ନ ଅତିଥି ଉପସ୍ଥିତ ରହି ନିଜ ମତାମତ ରଖିଥିଲେ। ସ୍ଥାନୀୟ ଅଞ୍ଚଳର ଉନ୍ନତି ପାଇଁ ପଦକ୍ଷେପ ନିଆଯିବ ବୋଲି କୁହାଯାଇଛି। ପ୍ରଶାସନ ପକ୍ଷରୁ ସମସ୍ତ ବ୍ୟବସ୍ଥା କରାଯାଇଥିଲା। ପୋଲିସ ଘଟଣାସ୍ଥଳରେ ପହଞ୍ଚି ତଦନ୍ତ ଆରମ୍ଭ କରିଛି। ଗ୍ରାମବାସୀ ଏହାକୁ ନେଇ ଅସନ୍ତୋଷ ପ୍ରକାଶ କରିଛନ୍ତି। ଜଗତସିଂହପୁର ଠାରେ ଆୟୋଜିତ କାର୍ଯ୍ୟକ୍ରମରେ ବହୁ ସଂଖ୍ୟାରେ ଲୋକ ଯୋଗ ଦେଇଥିଲେ। ଏହି ଅବସରରେ ବିଭିନ୍ନ ଅତିଥି ଉପସ୍ଥିତ ରହି ନିଜ ମତାମତ ରଖିଥିଲେ। ସ୍ଥାନୀୟ ଅଞ୍ଚଳର ଉନ୍ନତି ପାଇଁ ପଦକ୍ଷେପ ନିଆଯିବ ବୋଲି କୁହାଯାଇଛି। ପ୍ରଶାସନ ପକ୍ଷରୁ ସମସ୍ତ ବ୍ୟବସ୍ଥା କରାଯାଇଥିଲା। ପୋଲିସ ଘଟଣାସ୍ଥଳରେ ପହଞ୍ଚି ତଦନ୍ତ ଆରମ୍ଭ କରିଛି। ଗ୍ରାମବାସୀ ଏହାକୁ ନେଇ ଅସନ୍ତୋଷ ପ୍ରକାଶ କରିଛନ୍ତି। ଜଗତସିଂହପୁର ଠାରେ ଆୟୋଜିତ କାର୍ଯ୍ୟକ୍ରମରେ ବହୁ ସଂଖ୍ୟାରେ ଲୋକ ଯୋଗ ଦେଇଥିଲେ। ଏହି ଅବସରରେ ବିଭିନ୍ନ ଅତିଥି ଉପସ୍ଥିତ ରହି ନିଜ ମତାମତ ରଖିଥିଲେ। ସ୍ଥାନୀୟ ଅଞ୍ଚଳର ଉନ୍ନତି ପାଇଁ ପଦକ୍ଷେପ ନିଆଯିବ ବୋଲି କୁହାଯାଇଛି। ପ୍ରଶାସନ ପକ୍ଷରୁ ସମସ୍ତ ବ୍ୟବସ୍ଥା କରାଯାଇଥିଲା। ପୋଲିସ ଘଟଣାସ୍ଥଳରେ ପହଞ୍ଚି ତଦନ୍ତ ଆରମ୍ଭ କରିଛି। ଗ୍ରାମବାସୀ ଏହାକୁ ନେଇ ଅସନ୍ତୋଷ ପ୍ରକାଶ କରିଛ
ନୂଆ ଶାସକଙ୍କ ଶାସନରେ ଡିଜିଟାଲ ମାର୍କେଟ
ଜଗତସିଂହପୁର ଠାରେ ଆୟୋଜିତ କାର୍ଯ୍ୟକ୍ରମରେ ବହୁ ସଂଖ୍ୟାରେ ଲୋକ ଯୋଗ ଦେଇଥିଲେ। ଏହି ଅବସରରେ ବିଭିନ୍ନ ଅତିଥି ଉପସ୍ଥିତ ରହି ନିଜ ମତାମତ ରଖିଥିଲେ। ସ୍ଥାନୀୟ ଅଞ୍ଚଳର ଉନ୍ନତି ପାଇଁ ପଦକ୍ଷେପ ନିଆଯିବ ବୋଲି କୁହାଯାଇଛି। ପ୍ରଶାସନ ପକ୍ଷରୁ ସମସ୍ତ ବ୍ୟବସ୍ଥା କରାଯାଇଥିଲା। ପୋଲିସ ଘଟଣାସ୍ଥଳରେ ପହଞ୍ଚି ତଦନ୍ତ ଆରମ୍ଭ କରିଛି। ଗ୍ରାମବାସୀ ଏହାକୁ ନେଇ ଅସନ୍ତୋଷ ପ୍ରକାଶ କରିଛନ୍ତି। ଜଗତସିଂହପୁର ଠାରେ ଆୟୋଜିତ କାର୍ଯ୍ୟକ୍ରମରେ ବହୁ ସଂଖ୍ୟାରେ ଲୋକ ଯୋଗ ଦେଇଥିଲେ। ଏହି ଅବସରରେ ବିଭିନ୍ନ ଅତିଥି ଉପସ୍ଥିତ ରହି ନିଜ ମତାମତ ରଖିଥିଲେ। ସ୍ଥାନୀୟ ଅଞ୍ଚଳର ଉନ୍ନତି ପାଇଁ ପଦକ୍ଷେପ ନିଆଯିବ ବୋଲି କୁହାଯାଇଛି। ପ୍ରଶାସନ ପକ୍ଷରୁ ସମସ୍ତ ବ୍ୟବସ୍ଥା କରାଯାଇଥିଲା। ପୋଲିସ ଘଟଣାସ୍ଥଳରେ ପହଞ୍ଚି ତଦନ୍ତ ଆରମ୍ଭ କରିଛି। ଗ୍ରାମବାସୀ ଏହାକୁ ନେଇ ଅସନ୍ତୋଷ ପ୍ରକାଶ କରିଛନ୍ତି। ଜଗତସିଂହପୁର ଠାରେ ଆୟୋଜିତ କାର୍ଯ୍ୟକ୍ରମରେ ବହୁ ସଂଖ୍ୟାରେ ଲୋକ ଯୋଗ ଦେଇଥିଲେ। ଏହି ଅବସରରେ ବିଭିନ୍ନ ଅତିଥି ଉପସ୍ଥିତ ରହି ନିଜ ମତାମତ ରଖିଥିଲେ। ସ୍ଥାନୀୟ ଅଞ୍ଚଳର ଉନ୍ନତି ପାଇଁ ପଦକ୍ଷେପ ନିଆଯିବ ବୋଲି କୁହାଯାଇଛି। ପ୍ରଶାସନ ପକ୍ଷରୁ ସମସ୍ତ ବ୍ୟବସ୍ଥା କରାଯାଇଥିଲା। ପୋଲିସ ଘଟଣାସ୍ଥଳରେ ପହଞ୍ଚି ତଦନ୍ତ ଆରମ୍ଭ କରିଛି। ଗ୍ରାମବାସୀ ଏହାକୁ ନେଇ ଅସନ୍ତୋଷ ପ୍ରକାଶ କରିଛନ୍ତି। ଜଗତସିଂହପୁର ଠାରେ ଆୟୋଜିତ କାର୍ଯ୍ୟକ୍ରମରେ ବହୁ ସଂଖ୍ୟାରେ ଲୋକ ଯୋଗ ଦେଇଥିଲେ। ଏହି ଅବସରରେ ବିଭିନ୍ନ ଅତିଥି ଉପସ୍ଥିତ ରହି ନିଜ ମତାମତ ରଖିଥିଲେ। ସ୍ଥାନୀୟ ଅଞ୍ଚଳର ଉନ୍ନତି ପାଇଁ ପଦକ୍ଷେପ ନିଆଯିବ ବୋଲି କୁହାଯାଇଛି। ପ୍ରଶାସନ ପକ୍ଷରୁ ସମସ୍ତ ବ୍ୟବସ୍ଥା କରାଯାଇଥିଲା। ପୋଲିସ ଘଟଣାସ୍ଥଳରେ ପହଞ୍ଚି ତଦନ୍ତ ଆରମ୍ଭ କରିଛି। ଗ୍ରାମବାସୀ ଏହାକୁ ନେଇ ଅସନ୍ତୋଷ ପ୍ରକାଶ କରିଛନ୍ତି। ଜଗତସିଂହପୁର ଠାରେ ଆୟୋଜିତ କାର୍ଯ୍ୟକ୍ରମରେ ବହୁ ସଂଖ୍ୟାରେ ଲୋକ ଯୋଗ ଦେଇଥିଲେ। ଏହି ଅବସରରେ ବିଭିନ୍ନ ଅତିଥି ଉପସ୍ଥିତ ରହି ନିଜ ମତାମତ ରଖିଥିଲେ। ସ୍ଥାନୀୟ ଅଞ୍ଚଳର ଉନ୍ନତି ପାଇଁ ପଦକ୍ଷେପ ନିଆଯିବ ବୋଲି କୁହାଯାଇଛି। ପ୍ରଶାସନ ପକ୍ଷରୁ ସମସ୍ତ ବ୍ୟବସ୍ଥା କରାଯାଇଥିଲା। ପୋଲିସ ଘଟଣାସ୍ଥଳରେ ପହଞ୍ଚି ତଦନ୍ତ ଆରମ୍ଭ କରିଛି। ଗ୍ରାମବାସୀ ଏହାକୁ ନେଇ ଅସନ୍ତୋଷ ପ୍ରକାଶ କରିଛନ୍ତି। ଜଗତସିଂହପୁର ଠାରେ ଆୟୋଜିତ କାର୍ଯ୍ୟକ୍ରମରେ ବହୁ ସଂଖ୍ୟାରେ ଲୋକ ଯୋଗ ଦେଇଥିଲେ। ଏହି ଅବସରରେ ବିଭିନ୍ନ ଅତିଥି ଉପସ୍ଥିତ ରହି ନିଜ ମତାମତ ରଖିଥିଲେ। ସ୍ଥାନୀୟ ଅଞ୍ଚଳର ଉନ୍ନତି ପାଇଁ ପଦକ୍ଷେପ ନିଆଯିବ ବୋଲି କୁହାଯାଇଛି। ପ୍ରଶାସନ ପକ୍ଷରୁ ସମସ୍ତ ବ୍ୟବସ୍ଥା କରାଯାଇଥିଲା। ପୋଲିସ ଘଟଣାସ୍ଥଳରେ ପହଞ୍ଚି ତଦନ୍ତ ଆରମ୍ଭ କରିଛି। ଗ୍ରାମବାସୀ ଏହାକୁ ନେଇ ଅସନ୍ତୋଷ ପ୍ରକାଶ କରିଛନ୍ତି।
ନିଖୋଜ ଯୁବକଙ୍କ ମୃତଦେହ ଉଦ୍ଧାର
ଜଗତସିଂହପୁର ଠାରେ ଆୟୋଜିତ କାର୍ଯ୍ୟକ୍ରମରେ ବହୁ ସଂଖ୍ୟାରେ ଲୋକ ଯୋଗ ଦେଇଥିଲେ। ଏହି ଅବସରରେ ବିଭିନ୍ନ ଅତିଥି ଉପସ୍ଥିତ ରହି ନିଜ ମତାମତ ରଖିଥିଲେ। ସ୍ଥାନୀୟ ଅଞ୍ଚଳର ଉନ୍ନତି ପାଇଁ ପଦକ୍ଷେପ ନିଆଯିବ ବୋଲି କୁହାଯାଇଛି। ପ୍ରଶାସନ ପକ୍ଷରୁ ସମସ୍ତ ବ୍ୟବସ୍ଥା କରାଯାଇଥିଲା। ପୋଲିସ ଘଟଣାସ୍ଥଳରେ ପହଞ୍ଚି ତଦନ୍ତ ଆରମ୍ଭ କରିଛି। ଗ୍ରାମବାସୀ ଏହାକୁ ନେଇ ଅସନ୍ତୋଷ ପ୍ରକାଶ କରିଛନ୍ତି। ଜଗତସିଂହପୁର ଠାରେ ଆୟୋଜିତ କାର୍ଯ୍ୟକ୍ରମରେ ବହୁ ସଂଖ୍ୟାରେ ଲୋକ ଯୋଗ ଦେଇଥିଲେ। ଏହି ଅବସରରେ ବିଭିନ୍ନ ଅତିଥି ଉପସ୍ଥିତ ରହି ନିଜ ମତାମତ ରଖିଥିଲେ। ସ୍ଥାନୀୟ ଅଞ୍ଚଳର ଉନ୍ନତି ପାଇଁ ପଦକ୍ଷେପ ନିଆଯିବ ବୋଲି କୁହାଯାଇଛି। ପ୍ରଶାସନ ପକ୍ଷରୁ ସମସ୍ତ ବ୍ୟବସ୍ଥା କରାଯାଇଥିଲା। ପୋଲିସ ଘଟଣାସ୍ଥଳରେ ପହଞ୍ଚି ତଦନ୍ତ ଆରମ୍ଭ କରିଛି। ଗ୍ରାମବାସୀ ଏହାକୁ ନେଇ ଅସନ୍ତୋଷ ପ୍ରକାଶ କରିଛନ୍ତି। ଜଗତସିଂହପୁର ଠାରେ ଆୟୋଜିତ କାର୍ଯ୍ୟକ୍ରମରେ ବହୁ ସଂଖ୍ୟାରେ ଲୋକ ଯୋଗ ଦେଇଥିଲେ। ଏହି ଅବସରରେ ବିଭିନ୍ନ ଅତିଥି ଉପସ୍ଥିତ ରହି ନିଜ ମତାମତ ରଖିଥିଲେ। ସ୍ଥାନୀୟ ଅଞ୍ଚଳର ଉନ୍ନତି ପାଇଁ ପଦକ୍ଷେପ ନିଆଯିବ ବୋଲି କୁହାଯାଇଛି। ପ୍ରଶାସନ ପକ୍ଷରୁ ସମସ୍ତ ବ୍ୟବସ୍ଥା କରାଯାଇଥିଲା। ପୋଲିସ ଘଟଣାସ୍ଥଳରେ ପହଞ୍ଚି ତଦନ୍ତ ଆରମ୍ଭ କରିଛି। ଗ୍ରାମବାସୀ ଏହାକୁ ନେଇ ଅସନ୍ତୋଷ ପ୍ରକାଶ କରିଛନ୍ତି। ଜଗତସିଂହପୁର ଠାରେ ଆୟୋଜିତ କାର୍ଯ୍ୟକ୍ରମରେ ବହୁ ସଂଖ୍ୟାରେ ଲୋକ ଯୋଗ ଦେଇଥିଲେ। ଏହି ଅବସରରେ ବିଭିନ୍ନ ଅତିଥି ଉପସ୍ଥିତ ରହି ନିଜ ମତାମତ ରଖିଥିଲେ। ସ୍ଥାନୀୟ ଅଞ୍ଚଳର ଉନ୍ନତି ପାଇଁ ପଦକ୍ଷେପ ନିଆଯିବ ବୋଲି କୁହାଯାଇଛି। ପ୍ରଶାସନ ପକ୍ଷରୁ ସମସ୍ତ ବ୍ୟବସ୍ଥା କରାଯାଇଥିଲା। ପୋଲିସ ଘଟଣାସ୍ଥଳରେ ପହଞ୍ଚି ତଦନ୍ତ ଆରମ୍ଭ କରିଛି। ଗ୍ରାମବାସୀ ଏହାକୁ ନେଇ ଅସନ୍ତୋଷ ପ୍ରକାଶ କରିଛନ୍ତି। ଜଗତସିଂହପୁର ଠାରେ ଆୟୋଜିତ କାର୍ଯ୍ୟକ୍ରମରେ ବହୁ ସଂଖ୍ୟାରେ ଲୋକ ଯୋଗ ଦେଇଥିଲେ। ଏହି ଅବସରରେ ବିଭିନ୍ନ ଅତିଥି ଉପସ୍ଥିତ ରହି ନିଜ ମତାମତ ରଖିଥିଲେ। ସ୍ଥାନୀୟ ଅଞ୍ଚଳର ଉନ୍ନତି ପାଇଁ ପଦକ୍ଷେପ ନିଆଯିବ ବୋଲି କୁହାଯାଇଛି। ପ୍ରଶାସନ ପକ୍ଷରୁ ସମସ୍ତ ବ୍ୟବସ୍ଥା କରାଯାଇଥିଲା। ପୋଲିସ ଘଟଣାସ୍ଥଳରେ ପହଞ୍ଚି ତଦନ୍ତ ଆରମ୍ଭ କରିଛି। ଗ୍ରାମବାସୀ ଏହାକୁ ନେଇ ଅସନ୍ତୋଷ ପ୍ରକାଶ କରିଛନ୍ତି। ଜଗତସିଂହପୁର ଠାରେ ଆୟୋଜିତ କାର୍ଯ୍ୟକ୍ରମରେ ବହୁ ସଂଖ୍ୟାରେ ଲୋକ ଯୋଗ ଦେଇଥିଲେ। ଏହି ଅବସରରେ ବିଭିନ୍ନ
ବିଜ୍ଞାନ ପ୍ରଦର୍ଶନୀରେ
ଏ ବ୍ଲକ ପ୍ରତିଯୋଗିତା ଜିଲ୍ଲାସ୍ତରରେ ମନୋନୀତ
ଜଗତସିଂହପୁର ଠାରେ ଆୟୋଜିତ କାର୍ଯ୍ୟକ୍ରମରେ ବହୁ ସଂଖ୍ୟାରେ ଲୋକ ଯୋଗ ଦେଇଥିଲେ। ଏହି ଅବସରରେ ବିଭିନ୍ନ ଅତିଥି ଉପସ୍ଥିତ ରହି ନିଜ ମତାମତ ରଖିଥିଲେ। ସ୍ଥାନୀୟ ଅଞ୍ଚଳର ଉନ୍ନତି ପାଇଁ ପଦକ୍ଷେପ ନିଆଯିବ ବୋଲି କୁହାଯାଇଛି। ପ୍ରଶାସନ ପକ୍ଷରୁ ସମସ୍ତ ବ୍ୟବସ୍ଥା କରାଯାଇଥିଲା। ପୋଲିସ ଘଟଣାସ୍ଥଳରେ ପହଞ୍ଚି ତଦନ୍ତ ଆରମ୍ଭ କରିଛି। ଗ୍ରାମବାସୀ ଏହାକୁ ନେଇ ଅସନ୍ତୋଷ ପ୍ରକାଶ କରିଛନ୍ତି। ଜଗତସିଂହପୁର ଠାରେ ଆୟୋଜିତ କାର୍ଯ୍ୟକ୍ରମରେ ବହୁ ସଂଖ୍ୟାରେ ଲୋକ ଯୋଗ ଦେଇଥିଲେ। ଏହି ଅବସରରେ ବିଭିନ୍ନ ଅତିଥି ଉପସ୍ଥିତ ରହି ନିଜ ମତାମତ ରଖିଥିଲେ। ସ୍ଥାନୀୟ ଅଞ୍ଚଳର ଉନ୍ନତି ପାଇଁ ପଦକ୍ଷେପ ନିଆଯିବ ବୋଲି କୁହାଯାଇଛି। ପ୍ରଶାସନ ପକ୍ଷରୁ ସମସ୍ତ ବ୍ୟବସ୍ଥା କରାଯାଇଥିଲା। ପୋଲିସ ଘଟଣାସ୍ଥଳରେ ପହଞ୍ଚି ତଦନ୍ତ ଆରମ୍ଭ କରିଛି। ଗ୍ରାମବାସୀ ଏହାକୁ ନେଇ ଅସନ୍ତୋଷ ପ୍ରକାଶ କରିଛନ୍ତି। ଜଗତସିଂହପୁର ଠାରେ ଆୟୋଜିତ କାର୍ଯ୍ୟକ୍ରମରେ ବହୁ ସଂଖ୍ୟାରେ ଲୋକ ଯୋଗ ଦେଇଥିଲେ। ଏହି ଅବସରରେ ବିଭିନ୍ନ ଅତିଥି ଉପସ୍ଥିତ ରହି ନିଜ ମତାମତ ରଖିଥିଲେ। ସ୍ଥାନୀୟ ଅଞ୍ଚଳର ଉନ୍ନତି ପାଇଁ ପଦକ୍ଷେପ ନିଆଯିବ ବୋଲି କୁହାଯାଇଛି। ପ୍ରଶାସନ ପକ୍ଷରୁ ସମସ୍ତ ବ୍ୟବସ୍ଥା କରାଯାଇଥିଲା। ପୋଲିସ ଘଟଣାସ୍ଥଳରେ ପହଞ୍ଚି ତଦନ୍ତ ଆରମ୍ଭ କରିଛି। ଗ୍ରାମବାସୀ ଏହାକୁ ନେଇ ଅସନ୍ତୋଷ ପ୍ରକାଶ କରିଛନ୍ତି। ଜଗତସିଂହପୁର ଠାରେ ଆୟୋଜିତ କାର୍ଯ୍ୟକ୍ରମରେ ବହୁ ସଂଖ୍ୟାରେ ଲୋକ ଯୋଗ ଦେଇଥିଲେ। ଏହି ଅବସରରେ ବିଭିନ୍ନ ଅତିଥି ଉପସ୍ଥିତ ରହି ନିଜ ମତାମତ ରଖିଥିଲେ। ସ୍ଥାନୀୟ ଅଞ୍ଚଳର ଉନ୍ନତି ପାଇଁ ପଦକ୍ଷେପ ନିଆଯିବ ବୋଲି କୁହାଯାଇଛି। ପ୍ରଶାସନ ପକ୍ଷରୁ ସମସ୍ତ ବ୍ୟବସ୍ଥା କରାଯାଇଥିଲା। ପୋଲିସ ଘଟଣାସ୍ଥଳରେ ପହଞ୍ଚି ତଦନ୍ତ ଆରମ୍ଭ କରିଛି। ଗ୍ରାମବାସୀ ଏହାକୁ ନେଇ ଅସନ୍ତୋଷ ପ୍ରକାଶ କରିଛନ୍ତି। ଜଗତସିଂହପୁର ଠାରେ ଆୟୋଜିତ କାର୍ଯ୍ୟକ୍ରମରେ ବହୁ ସଂଖ୍ୟାରେ ଲୋକ ଯୋଗ ଦେଇଥିଲେ। ଏହି ଅବସରରେ ବିଭିନ୍ନ ଅତିଥି ଉପସ୍ଥିତ ରହି ନିଜ ମତାମତ ରଖିଥିଲେ। ସ୍ଥାନୀୟ ଅଞ୍ଚଳର ଉନ୍ନତି ପାଇଁ ପଦକ୍ଷେପ ନିଆଯିବ ବୋଲି କୁହାଯାଇଛି। ପ୍ରଶାସନ ପକ୍ଷରୁ ସମସ୍ତ ବ୍ୟବସ୍ଥା କରାଯାଇଥିଲା। ପୋଲିସ ଘଟଣାସ୍ଥଳରେ ପହଞ୍ଚି ତଦନ୍ତ ଆରମ୍ଭ କରିଛି। ଗ୍ରାମବାସୀ ଏହାକୁ ନେଇ ଅସନ୍ତୋଷ ପ୍ରକାଶ କରିଛନ୍ତି। ଜଗତସିଂହପୁର ଠାରେ ଆୟୋଜିତ କାର୍ଯ୍ୟକ୍ରମରେ ବହୁ ସଂଖ୍ୟାରେ ଲୋକ ଯୋଗ ଦେଇଥିଲେ। ଏହି ଅବସରରେ ବିଭିନ୍ନ ଅତିଥି ଉପସ୍ଥିତ ରହି ନିଜ ମତାମତ ରଖିଥିଲେ। ସ୍ଥାନୀୟ ଅଞ୍ଚଳର ଉନ୍ନତି ପାଇଁ ପଦକ୍ଷେପ ନିଆଯିବ ବୋଲି କୁହାଯାଇଛି। ପ୍ରଶାସନ ପକ୍ଷରୁ ସମସ୍ତ ବ୍ୟବସ୍ଥା କରାଯାଇଥିଲା। ପୋଲିସ ଘଟଣାସ୍ଥଳରେ ପହଞ୍ଚି ତଦନ୍ତ ଆରମ୍ଭ କରିଛି। ଗ୍ରାମବାସୀ ଏହାକୁ ନେଇ ଅସନ୍ତୋଷ ପ୍ରକାଶ କରିଛନ୍ତି।
୧୦ମ ଶ୍ରେଣୀ ବ୍ୟାଚର ସମ୍ବର୍ଦ୍ଧନା
ଜଗତସିଂହପୁର ଠାରେ ଆୟୋଜିତ କାର୍ଯ୍ୟକ୍ରମରେ ବହୁ ସଂଖ୍ୟାରେ ଲୋକ ଯୋଗ ଦେଇଥିଲେ। ଏହି ଅବସରରେ ବିଭିନ୍ନ ଅତିଥି ଉପସ୍ଥିତ ରହି ନିଜ ମତାମତ ରଖିଥିଲେ। ସ୍ଥାନୀୟ ଅଞ୍ଚଳର ଉନ୍ନତି ପାଇଁ ପଦକ୍ଷେପ ନିଆଯିବ ବୋଲି କୁହାଯାଇଛି। ପ୍ରଶାସନ ପକ୍ଷରୁ ସମସ୍ତ ବ୍ୟବସ୍ଥା କରାଯାଇଥିଲା। ପୋଲିସ ଘଟଣାସ୍ଥଳରେ ପହଞ୍ଚି ତଦନ୍ତ ଆରମ୍ଭ କରିଛି। ଗ୍ରାମବାସୀ ଏହାକୁ ନେଇ ଅସନ୍ତୋଷ ପ୍ରକାଶ କରିଛନ୍ତି। ଜଗତସିଂହପୁର ଠାରେ ଆୟୋଜିତ କାର୍ଯ୍ୟକ୍ରମରେ ବହୁ ସଂଖ୍ୟାରେ ଲୋକ ଯୋଗ ଦେଇଥିଲେ। ଏହି ଅବସରରେ ବିଭିନ୍ନ ଅତିଥି ଉପସ୍ଥିତ ରହି ନିଜ ମତାମତ ରଖିଥିଲେ। ସ୍ଥାନୀୟ ଅଞ୍ଚଳର ଉନ୍ନତି ପାଇଁ ପଦକ୍ଷେପ ନିଆଯିବ ବୋଲି କୁହାଯାଇଛି। ପ୍ରଶାସନ ପକ୍ଷରୁ ସମସ୍ତ ବ୍ୟବସ୍ଥା କରାଯାଇଥିଲା। ପୋଲିସ ଘଟଣାସ୍ଥଳରେ ପହଞ୍ଚି ତଦନ୍ତ ଆରମ୍ଭ କରିଛି। ଗ୍ରାମବାସୀ ଏହାକୁ ନେଇ ଅସନ୍ତୋଷ ପ୍ରକାଶ କରିଛନ୍ତି। ଜଗତସିଂହପୁର ଠାରେ ଆୟୋଜିତ କାର୍ଯ୍ୟକ୍ରମରେ ବହୁ ସଂଖ୍ୟାରେ ଲୋକ ଯୋଗ ଦେଇଥିଲେ। ଏହି ଅବସରରେ ବିଭିନ୍ନ ଅତିଥି ଉପସ୍ଥିତ ରହି ନିଜ ମତାମତ ରଖିଥିଲେ। ସ୍ଥାନୀୟ ଅଞ୍ଚଳର ଉନ୍ନତି ପାଇଁ ପଦକ୍ଷେପ ନିଆଯିବ ବୋଲି କୁହାଯାଇଛି। ପ୍ରଶାସନ ପକ୍ଷରୁ ସମସ୍ତ ବ୍ୟବସ୍ଥା କରାଯାଇଥିଲା। ପୋଲିସ ଘଟଣାସ୍ଥଳରେ ପହଞ୍ଚି ତଦନ୍ତ ଆରମ୍ଭ କରିଛି। ଗ୍ରାମବାସୀ ଏହାକୁ ନେଇ ଅସନ୍ତୋଷ ପ୍ରକାଶ କରିଛନ୍ତି। ଜଗତସିଂହପୁର ଠାରେ ଆୟୋଜିତ କାର୍ଯ୍ୟକ୍ରମରେ ବହୁ ସଂଖ୍ୟାରେ ଲୋକ ଯୋଗ ଦେଇଥିଲେ। ଏହି ଅବସରରେ ବିଭିନ୍ନ ଅତିଥି ଉପସ୍ଥିତ ରହି ନିଜ ମତାମତ ରଖିଥିଲେ। ସ୍ଥାନୀୟ ଅଞ୍ଚଳର ଉନ୍ନତି ପାଇଁ ପଦକ୍ଷେପ ନିଆଯିବ ବୋଲି କୁହାଯାଇଛି। ପ୍ରଶାସନ ପକ୍ଷରୁ ସମସ୍ତ ବ୍ୟବସ୍ଥା କରାଯାଇଥିଲା। ପୋଲିସ ଘଟଣାସ୍ଥଳରେ ପହଞ୍ଚି ତଦନ୍ତ ଆରମ୍ଭ କରିଛି। ଗ୍ରାମବାସୀ ଏହାକୁ ନେଇ ଅସନ୍ତୋଷ ପ୍ରକାଶ କରିଛନ୍ତି। ଜଗତସିଂହପୁର ଠାରେ ଆୟୋଜିତ କାର୍ଯ୍ୟକ୍ରମରେ ବହୁ ସଂଖ୍ୟାରେ ଲୋକ ଯୋଗ ଦେଇଥିଲେ। ଏହି ଅବସରରେ ବିଭିନ୍ନ ଅତିଥି ଉପସ୍ଥିତ ରହି ନିଜ ମତାମତ ରଖିଥିଲେ। ସ୍ଥାନୀୟ ଅଞ୍ଚଳର ଉନ୍ନତି ପାଇଁ ପଦକ୍ଷେପ ନିଆଯିବ ବୋଲି କୁହାଯାଇଛି। ପ୍ରଶାସନ ପକ୍ଷରୁ ସମସ୍ତ ବ୍ୟବସ୍ଥା କରାଯାଇଥିଲା। ପୋଲିସ ଘଟଣାସ୍ଥଳରେ ପହଞ୍ଚି ତଦନ୍ତ ଆରମ୍ଭ କରିଛି। ଗ୍ରାମବାସୀ ଏହାକୁ ନେଇ ଅସନ୍ତୋଷ ପ୍ରକାଶ କରିଛନ୍ତି। ଜଗତସିଂହପୁର ଠାରେ ଆୟୋଜିତ କାର୍ଯ୍ୟକ୍ରମରେ ବହୁ ସଂଖ୍ୟାରେ ଲୋକ ଯୋଗ ଦେଇଥିଲେ। ଏହି ଅବସରରେ ବିଭିନ୍ନ ଅତିଥି ଉପସ୍ଥିତ ରହି ନିଜ ମତାମତ ରଖିଥିଲେ। ସ୍ଥାନୀୟ ଅଞ୍ଚଳର ଉନ୍ନତି ପାଇଁ ପଦକ୍ଷେପ ନିଆଯିବ ବୋଲି କୁହାଯାଇଛି। ପ୍ରଶାସନ ପକ୍ଷରୁ ସମସ୍ତ ବ୍ୟବସ୍ଥା କରାଯାଇଥିଲା। ପୋଲିସ ଘଟଣାସ୍ଥଳରେ ପହଞ୍ଚି ତଦନ୍ତ ଆରମ୍ଭ କରିଛି। ଗ୍ରାମବାସୀ ଏହାକୁ ନେଇ ଅସନ୍ତୋଷ ପ୍ରକାଶ କରିଛନ୍ତି।
ନିର୍ମାଣର ୬ ମାସରେ ଭାଙ୍ଗିଲା ଶୋଚନୀୟ
ଜଗତସିଂହପୁର ଠାରେ ଆୟୋଜିତ କାର୍ଯ୍ୟକ୍ରମରେ ବହୁ ସଂଖ୍ୟାରେ ଲୋକ ଯୋଗ ଦେଇଥିଲେ। ଏହି ଅବସରରେ ବିଭିନ୍ନ ଅତିଥି ଉପସ୍ଥିତ ରହି ନିଜ ମତାମତ ରଖିଥିଲେ। ସ୍ଥାନୀୟ ଅଞ୍ଚଳର ଉନ୍ନତି ପାଇଁ ପଦକ୍ଷେପ ନିଆଯିବ ବୋଲି କୁହାଯାଇଛି। ପ୍ରଶାସନ ପକ୍ଷରୁ ସମସ୍ତ ବ୍ୟବସ୍ଥା କରାଯାଇଥିଲା। ପୋଲିସ ଘଟଣାସ୍ଥଳରେ ପହଞ୍ଚି ତଦନ୍ତ ଆରମ୍ଭ କରିଛି। ଗ୍ରାମବାସୀ ଏହାକୁ ନେଇ ଅସନ୍ତୋଷ ପ୍ରକାଶ କରିଛନ୍ତି। ଜଗତସିଂହପୁର ଠାରେ ଆୟୋଜିତ କାର୍ଯ୍ୟକ୍ରମରେ ବହୁ ସଂଖ୍ୟାରେ ଲୋକ ଯୋଗ ଦେଇଥିଲେ। ଏହି ଅବସରରେ ବିଭିନ୍ନ ଅତିଥି ଉପସ୍ଥିତ ରହି ନିଜ ମତାମତ ରଖିଥିଲେ। ସ୍ଥାନୀୟ ଅଞ୍ଚଳର ଉନ୍ନତି ପାଇଁ ପଦକ୍ଷେପ ନିଆଯିବ ବୋଲି କୁହାଯାଇଛି। ପ୍ରଶାସନ ପକ୍ଷରୁ ସମସ୍ତ ବ୍ୟବସ୍ଥା କରାଯାଇଥିଲା। ପୋଲିସ ଘଟଣାସ୍ଥଳରେ ପହଞ୍ଚି ତଦନ୍ତ ଆରମ୍ଭ କରିଛି। ଗ୍ରାମବାସୀ ଏହାକୁ ନେଇ ଅସନ୍ତୋଷ ପ୍ରକାଶ କରିଛନ୍ତି। ଜଗତସିଂହପୁର ଠାରେ ଆୟୋଜିତ କାର୍ଯ୍ୟକ୍ରମରେ ବହୁ ସଂଖ୍ୟାରେ ଲୋକ ଯୋଗ ଦେଇଥିଲେ। ଏହି ଅବସରରେ ବିଭିନ୍ନ ଅତିଥି ଉପସ୍ଥିତ ରହି ନିଜ ମତାମତ ରଖିଥିଲେ। ସ୍ଥାନୀୟ ଅଞ୍ଚଳର ଉନ୍ନତି ପାଇଁ ପଦକ୍ଷେପ ନିଆଯିବ ବୋଲି କୁହାଯାଇଛି। ପ୍ରଶାସନ ପକ୍ଷରୁ ସମସ୍ତ ବ୍ୟବସ୍ଥା କରାଯାଇଥିଲା। ପୋଲିସ ଘଟଣାସ୍ଥଳରେ ପହଞ୍ଚି ତଦନ୍ତ ଆରମ୍ଭ କରିଛି। ଗ୍ରାମବାସୀ ଏହାକୁ ନେଇ ଅସନ୍ତୋଷ ପ୍ରକାଶ କରିଛନ୍ତି। ଜଗତସିଂହପୁର ଠାରେ ଆୟୋଜିତ କାର୍ଯ୍ୟକ୍ରମରେ ବହୁ ସଂଖ୍ୟାରେ ଲୋକ ଯୋଗ ଦେଇଥିଲେ। ଏହି ଅବସରରେ ବିଭିନ୍ନ ଅତିଥି ଉପସ୍ଥିତ ରହି ନିଜ ମତାମତ ରଖିଥିଲେ। ସ୍ଥାନୀୟ ଅଞ୍ଚଳର ଉନ୍ନତି ପାଇଁ ପଦକ୍ଷେପ ନିଆଯିବ ବୋଲି କୁହାଯାଇଛି। ପ୍ରଶାସନ ପକ୍ଷରୁ ସମସ୍ତ ବ୍ୟବସ୍ଥା କରାଯାଇଥିଲା। ପୋଲିସ ଘଟଣାସ୍ଥଳରେ ପହଞ୍ଚି ତଦନ୍ତ ଆରମ୍ଭ କରିଛି। ଗ୍ରାମବାସୀ ଏହାକୁ ନେଇ ଅସନ୍ତୋଷ ପ୍ରକାଶ କରିଛନ୍ତି। ଜଗତସିଂହପୁର ଠାରେ ଆୟୋଜିତ କାର୍ଯ୍ୟକ୍ରମରେ ବହୁ ସଂଖ୍ୟାରେ ଲୋକ ଯୋଗ ଦେଇଥିଲେ। ଏହି ଅବସରରେ ବିଭିନ୍ନ ଅତିଥି ଉପସ୍ଥିତ ରହି ନିଜ ମତାମତ ରଖିଥିଲେ। ସ୍ଥାନୀୟ ଅଞ୍ଚଳର ଉନ୍ନତି ପାଇଁ ପଦକ୍ଷେପ ନିଆଯିବ ବୋଲି କୁହାଯାଇଛି। ପ୍ରଶାସନ ପକ୍ଷରୁ ସମସ୍ତ ବ୍ୟବସ୍ଥା କରାଯାଇଥିଲା। ପୋଲିସ ଘଟଣାସ୍ଥଳରେ ପହଞ୍ଚି ତଦନ୍ତ ଆରମ୍ଭ କରିଛି। ଗ୍ରାମବାସୀ ଏହାକୁ ନେଇ ଅସନ୍ତୋଷ ପ୍ରକାଶ କରିଛନ୍ତି। ଜଗତସିଂହପୁର ଠାରେ ଆୟୋଜିତ କାର୍ଯ୍ୟକ୍ରମରେ ବହୁ ସଂଖ୍ୟାରେ ଲୋକ ଯୋଗ ଦେଇଥିଲେ। ଏହି ଅବସରରେ ବିଭିନ୍ନ ଅତିଥି ଉପସ୍ଥିତ ରହି ନିଜ ମତାମତ ରଖିଥିଲେ। ସ୍ଥାନୀୟ ଅଞ୍ଚଳର ଉନ୍ନତି ପାଇଁ ପଦକ୍ଷେପ ନିଆଯିବ ବୋଲି କୁହାଯାଇଛି। ପ୍ରଶାସନ ପକ୍ଷରୁ ସମସ୍ତ ବ୍ୟବସ୍ଥା କରାଯାଇଥିଲା। ପୋଲିସ ଘଟଣାସ୍ଥଳରେ ପହଞ୍ଚି ତଦନ୍ତ ଆରମ୍ଭ କରିଛି। ଗ୍ରାମବାସୀ ଏହାକୁ ନେଇ ଅସନ୍ତୋଷ ପ୍ରକାଶ କରିଛନ୍ତି।
ବାଲିହୁଡ଼ା ସ୍କୁଲରେ
୩୮ ଲକ୍ଷ ଟଙ୍କା ରାଶିରେ ନିର୍ମିତ
କାର୍ଯ୍ୟାଳୟ ଉଦ୍ଘାଟନ
ଜଗତସିଂହପୁର ଠାରେ ଆୟୋଜିତ କାର୍ଯ୍ୟକ୍ରମରେ ବହୁ ସଂଖ୍ୟାରେ ଲୋକ ଯୋଗ ଦେଇଥିଲେ। ଏହି ଅବସରରେ ବିଭିନ୍ନ ଅତିଥି ଉପସ୍ଥିତ ରହି ନିଜ ମତାମତ ରଖିଥିଲେ। ସ୍ଥାନୀୟ ଅଞ୍ଚଳର ଉନ୍ନତି ପାଇଁ ପଦକ୍ଷେପ ନିଆଯିବ ବୋଲି କୁହାଯାଇଛି। ପ୍ରଶାସନ ପକ୍ଷରୁ ସମସ୍ତ ବ୍ୟବସ୍ଥା କରାଯାଇଥିଲା। ପୋଲିସ ଘଟଣାସ୍ଥଳରେ ପହଞ୍ଚି ତଦନ୍ତ ଆରମ୍ଭ କରିଛି। ଗ୍ରାମବାସୀ ଏହାକୁ ନେଇ ଅସନ୍ତୋଷ ପ୍ରକାଶ କରିଛନ୍ତି। ଜଗତସିଂହପୁର ଠାରେ ଆୟୋଜିତ କାର୍ଯ୍ୟକ୍ରମରେ ବହୁ ସଂଖ୍ୟାରେ ଲୋକ ଯୋଗ ଦେଇଥିଲେ। ଏହି ଅବସରରେ ବିଭିନ୍ନ ଅତିଥି ଉପସ୍ଥିତ ରହି ନିଜ ମତାମତ ରଖିଥିଲେ। ସ୍ଥାନୀୟ ଅଞ୍ଚଳର ଉନ୍ନତି ପାଇଁ ପଦକ୍ଷେପ ନିଆଯିବ ବୋଲି କୁହାଯାଇଛି। ପ୍ରଶାସନ ପକ୍ଷରୁ ସମସ୍ତ ବ୍ୟବସ୍ଥା କରାଯାଇଥିଲା। ପୋଲିସ ଘଟଣାସ୍ଥଳରେ ପହଞ୍ଚି ତଦନ୍ତ ଆରମ୍ଭ କରିଛି। ଗ୍ରାମବାସୀ ଏହାକୁ ନେଇ ଅସନ୍ତୋଷ ପ୍ରକାଶ କରିଛନ୍ତି। ଜଗତସିଂହପୁର ଠାରେ ଆୟୋଜିତ କାର୍ଯ୍ୟକ୍ରମରେ ବହୁ ସଂଖ୍ୟାରେ ଲୋକ ଯୋଗ ଦେଇଥିଲେ। ଏହି ଅବସରରେ ବିଭିନ୍ନ ଅତିଥି ଉପସ୍ଥିତ ରହି ନିଜ ମତାମତ ରଖିଥିଲେ। ସ୍ଥାନୀୟ ଅଞ୍ଚଳର ଉନ୍ନତି ପାଇଁ ପଦକ୍ଷେପ ନିଆଯିବ ବୋଲି କୁହାଯାଇଛି। ପ୍ରଶାସନ ପକ୍ଷରୁ ସମସ୍ତ ବ୍ୟବସ୍ଥା କରାଯାଇଥିଲା। ପୋଲିସ ଘଟଣାସ୍ଥଳରେ ପହଞ୍ଚି ତଦନ୍ତ ଆରମ୍ଭ କରିଛି। ଗ୍ରାମବାସୀ ଏହାକୁ ନେଇ ଅସନ୍ତୋଷ ପ୍ରକାଶ କରିଛନ୍ତି। ଜଗତସିଂହପୁର ଠାରେ ଆୟୋଜିତ କାର୍ଯ୍ୟକ୍ରମରେ ବହୁ ସଂଖ୍ୟାରେ ଲୋକ ଯୋଗ ଦେଇଥିଲେ। ଏହି ଅବସରରେ ବିଭିନ୍ନ ଅତିଥି ଉପସ୍ଥିତ ରହି ନିଜ ମତାମତ ରଖିଥିଲେ। ସ୍ଥାନୀୟ ଅଞ୍ଚଳର ଉନ୍ନତି ପାଇଁ ପଦକ୍ଷେପ ନିଆଯିବ ବୋଲି କୁହାଯାଇଛି। ପ୍ରଶାସନ ପକ୍ଷରୁ ସମସ୍ତ ବ୍ୟବସ୍ଥା କରାଯାଇଥିଲା। ପୋଲିସ ଘଟଣାସ୍ଥଳରେ ପହଞ୍ଚି ତଦନ୍ତ ଆରମ୍ଭ କରିଛି। ଗ୍ରାମବାସୀ ଏହାକୁ ନେଇ ଅସନ୍ତୋଷ ପ୍ରକାଶ କରିଛନ୍ତି। ଜଗତସିଂହପୁର ଠାରେ ଆ
